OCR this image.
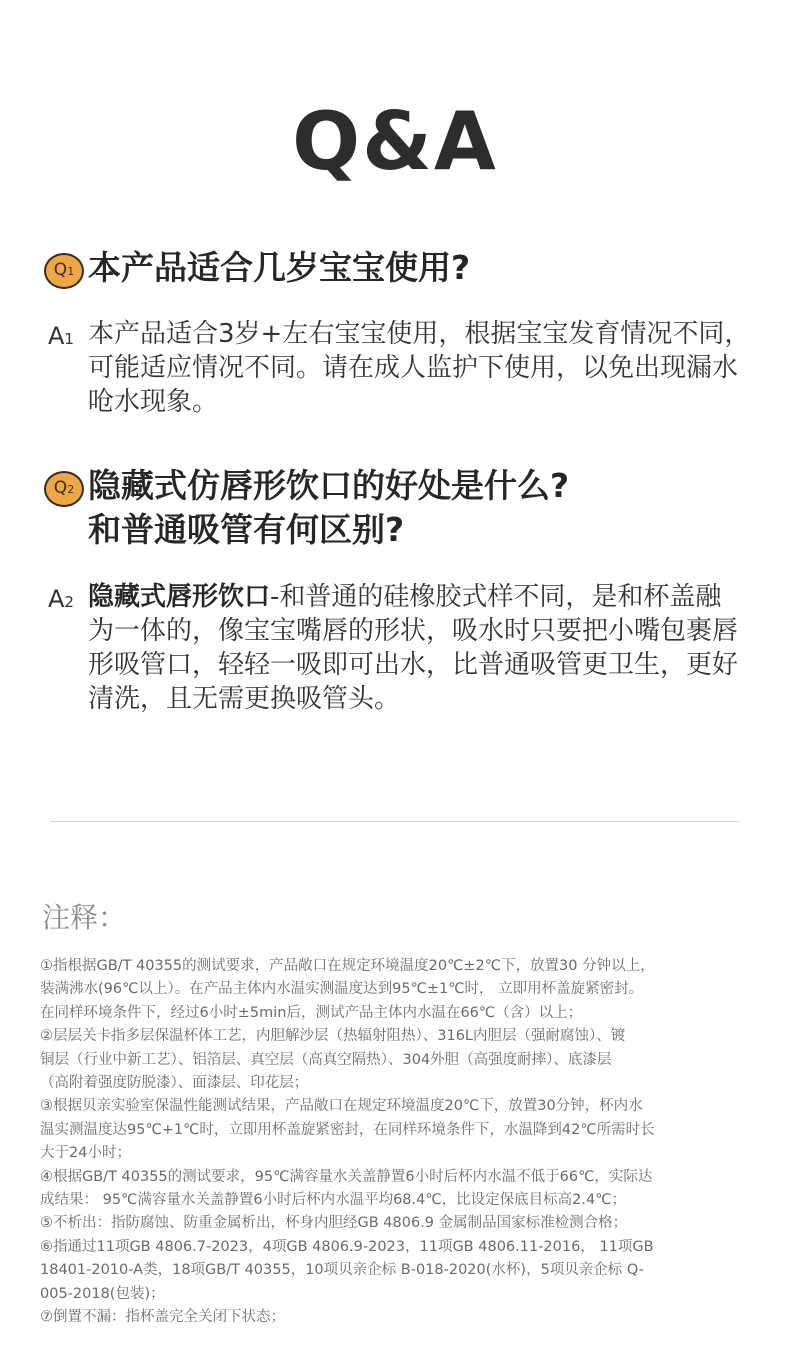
Q&A
Q1 本产品适合几岁宝宝使用?
A1 本产品适合3岁+左右宝宝使用，根据宝宝发育情况不同，
可能适应情况不同。请在成人监护下使用，以免出现漏水
呛水现象。
Q2 隐藏式仿唇形饮口的好处是什么?
和普通吸管有何区别?
A2 隐藏式唇形饮口-和普通的硅橡胶式样不同，是和杯盖融
为一体的，像宝宝嘴唇的形状，吸水时只要把小嘴包裹唇
形吸管口，轻轻一吸即可出水，比普通吸管更卫生，更好
清洗，且无需更换吸管头。
注释：
①指根据GB/T 40355的测试要求，产品敞口在规定环境温度20℃±2℃下，放置30 分钟以上，
装满沸水(96℃以上）。在产品主体内水温实测温度达到95℃±1℃时， 立即用杯盖旋紧密封。
在同样环境条件下，经过6小时±5min后，测试产品主体内水温在66℃（含）以上；
②层层关卡指多层保温杯体工艺，内胆解沙层（热辐射阻热）、316L内胆层（强耐腐蚀）、镀
铜层（行业中新工艺）、铝箔层、真空层（高真空隔热）、304外胆（高强度耐摔）、底漆层
（高附着强度防脱漆）、面漆层、印花层；
③根据贝亲实验室保温性能测试结果，产品敞口在规定环境温度20℃下，放置30分钟，杯内水
温实测温度达95℃+1℃时，立即用杯盖旋紧密封，在同样环境条件下，水温降到42℃所需时长
大于24小时；
④根据GB/T 40355的测试要求，95℃满容量水关盖静置6小时后杯内水温不低于66℃，实际达
成结果： 95℃满容量水关盖静置6小时后杯内水温平均68.4℃，比设定保底目标高2.4℃；
⑤不析出：指防腐蚀、防重金属析出，杯身内胆经GB 4806.9 金属制品国家标准检测合格；
⑥指通过11项GB 4806.7-2023，4项GB 4806.9-2023，11项GB 4806.11-2016， 11项GB
18401-2010-A类，18项GB/T 40355，10项贝亲企标 B-018-2020(水杯)，5项贝亲企标 Q-
005-2018(包装)；
⑦倒置不漏：指杯盖完全关闭下状态；
